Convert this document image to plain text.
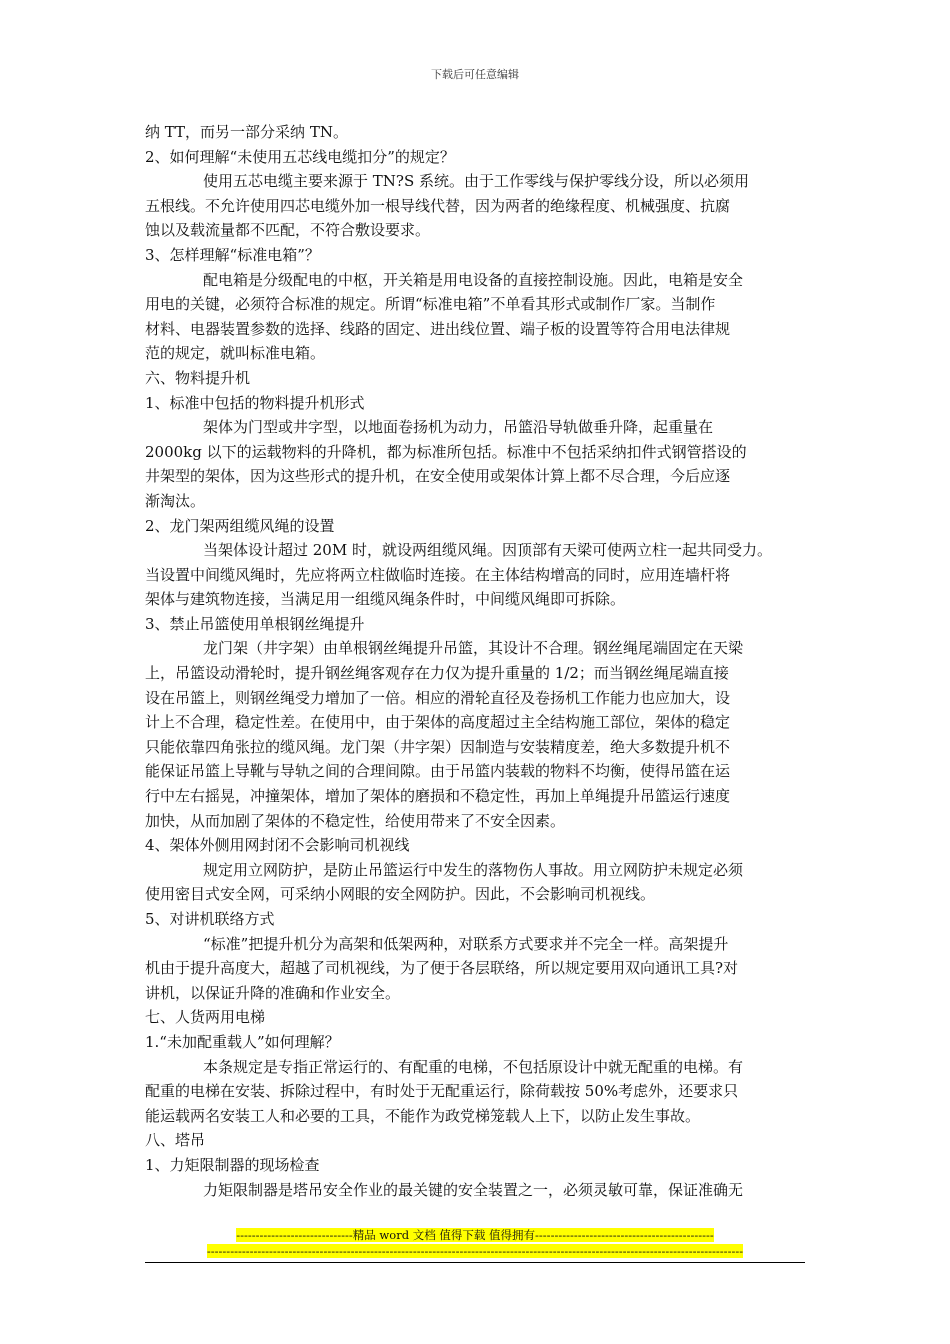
下载后可任意编辑
纳 TT，而另一部分采纳 TN。
2、如何理解“未使用五芯线电缆扣分”的规定？
使用五芯电缆主要来源于 TN?S 系统。由于工作零线与保护零线分设，所以必须用
五根线。不允许使用四芯电缆外加一根导线代替，因为两者的绝缘程度、机械强度、抗腐
蚀以及载流量都不匹配，不符合敷设要求。
3、怎样理解“标准电箱”？
配电箱是分级配电的中枢，开关箱是用电设备的直接控制设施。因此，电箱是安全
用电的关键，必须符合标准的规定。所谓“标准电箱”不单看其形式或制作厂家。当制作
材料、电器装置参数的选择、线路的固定、进出线位置、端子板的设置等符合用电法律规
范的规定，就叫标准电箱。
六、物料提升机
1、标准中包括的物料提升机形式
架体为门型或井字型，以地面卷扬机为动力，吊篮沿导轨做垂升降，起重量在
2000kg 以下的运载物料的升降机，都为标准所包括。标准中不包括采纳扣件式钢管搭设的
井架型的架体，因为这些形式的提升机，在安全使用或架体计算上都不尽合理，今后应逐
渐淘汰。
2、龙门架两组缆风绳的设置
当架体设计超过 20M 时，就设两组缆风绳。因顶部有天梁可使两立柱一起共同受力。
当设置中间缆风绳时，先应将两立柱做临时连接。在主体结构增高的同时，应用连墙杆将
架体与建筑物连接，当满足用一组缆风绳条件时，中间缆风绳即可拆除。
3、禁止吊篮使用单根钢丝绳提升
龙门架（井字架）由单根钢丝绳提升吊篮，其设计不合理。钢丝绳尾端固定在天梁
上，吊篮设动滑轮时，提升钢丝绳客观存在力仅为提升重量的 1/2；而当钢丝绳尾端直接
设在吊篮上，则钢丝绳受力增加了一倍。相应的滑轮直径及卷扬机工作能力也应加大，设
计上不合理，稳定性差。在使用中，由于架体的高度超过主全结构施工部位，架体的稳定
只能依靠四角张拉的缆风绳。龙门架（井字架）因制造与安装精度差，绝大多数提升机不
能保证吊篮上导靴与导轨之间的合理间隙。由于吊篮内装载的物料不均衡，使得吊篮在运
行中左右摇晃，冲撞架体，增加了架体的磨损和不稳定性，再加上单绳提升吊篮运行速度
加快，从而加剧了架体的不稳定性，给使用带来了不安全因素。
4、架体外侧用网封闭不会影响司机视线
规定用立网防护，是防止吊篮运行中发生的落物伤人事故。用立网防护未规定必须
使用密目式安全网，可采纳小网眼的安全网防护。因此，不会影响司机视线。
5、对讲机联络方式
“标准”把提升机分为高架和低架两种，对联系方式要求并不完全一样。高架提升
机由于提升高度大，超越了司机视线，为了便于各层联络，所以规定要用双向通讯工具?对
讲机，以保证升降的准确和作业安全。
七、人货两用电梯
1.“未加配重载人”如何理解？
本条规定是专指正常运行的、有配重的电梯，不包括原设计中就无配重的电梯。有
配重的电梯在安装、拆除过程中，有时处于无配重运行，除荷载按 50%考虑外，还要求只
能运载两名安装工人和必要的工具，不能作为政党梯笼载人上下，以防止发生事故。
八、塔吊
1、力矩限制器的现场检查
力矩限制器是塔吊安全作业的最关键的安全装置之一，必须灵敏可靠，保证准确无
------------------------------精品 word 文档 值得下载 值得拥有----------------------------------------------
------------------------------------------------------------------------------------------------------------------------------------------
